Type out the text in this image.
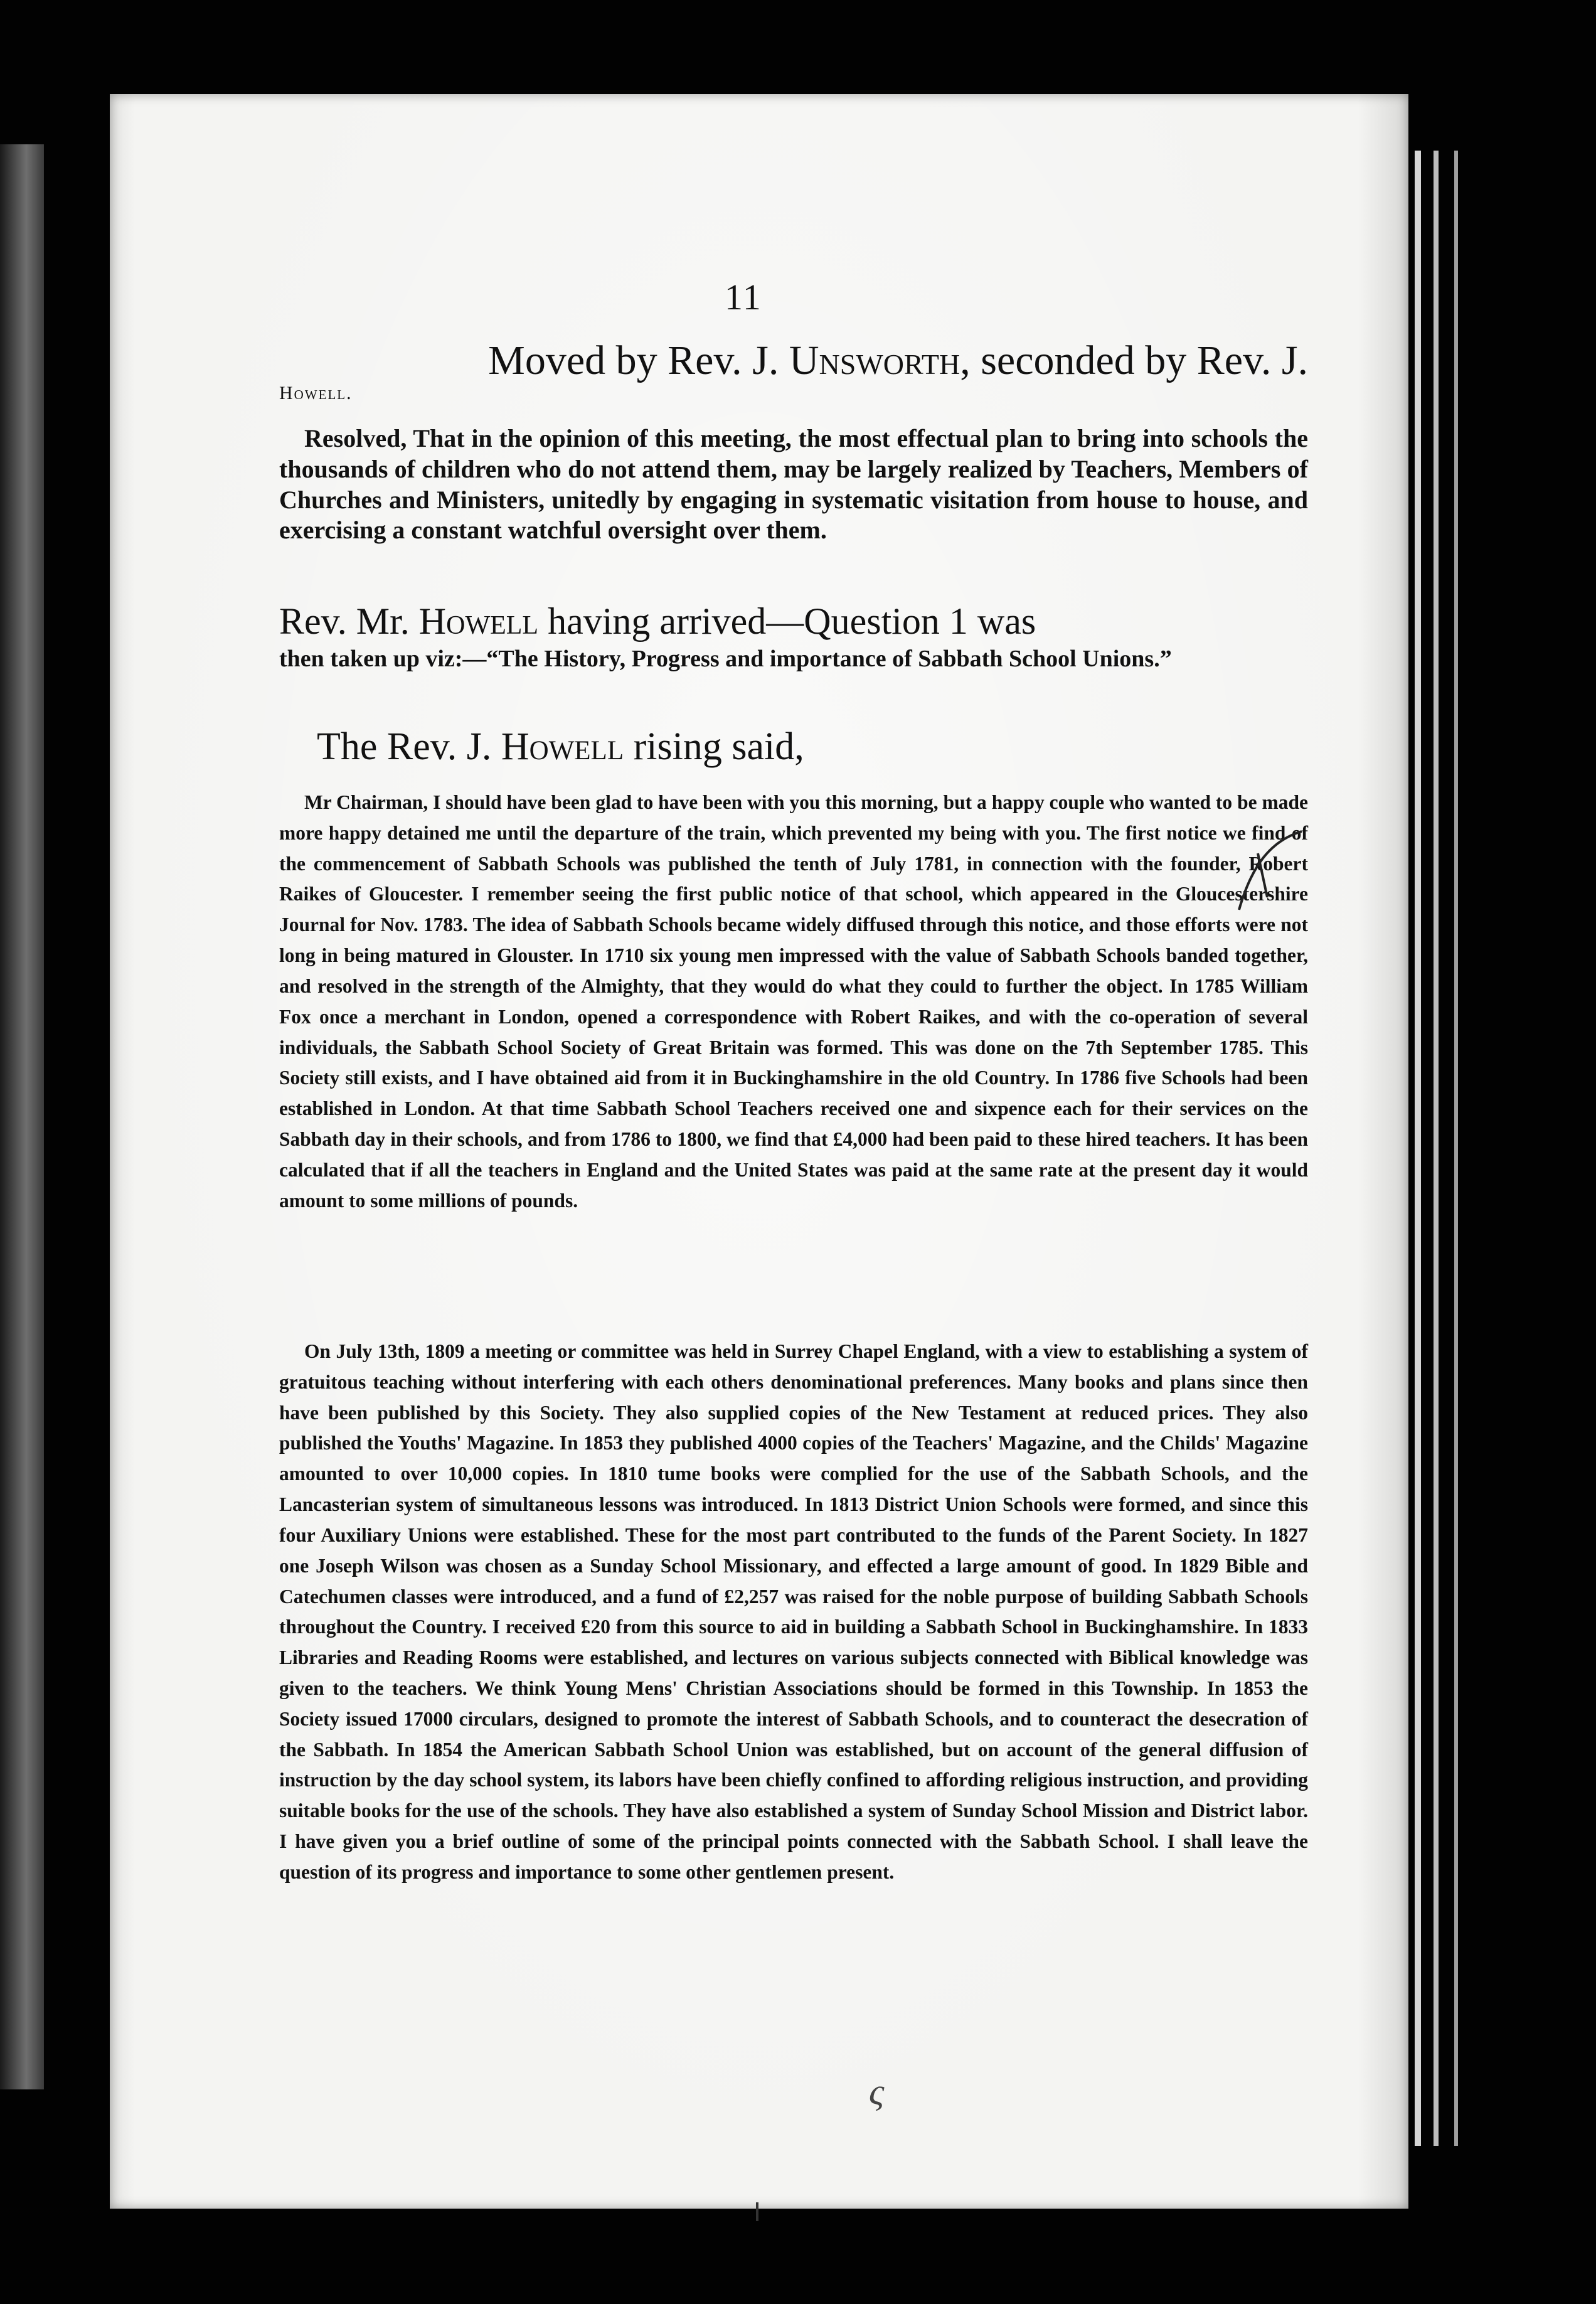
11
Moved by Rev. J. Unsworth, seconded by Rev. J.
Howell.
Resolved, That in the opinion of this meeting, the most effectual plan to bring into schools the thousands of children who do not attend them, may be largely realized by Teachers, Members of Churches and Ministers, unitedly by engaging in systematic visitation from house to house, and exercising a constant watchful oversight over them.
Rev. Mr. Howell having arrived—Question 1 was
then taken up viz:—“The History, Progress and importance of Sabbath School Unions.”
The Rev. J. Howell rising said,
Mr Chairman, I should have been glad to have been with you this morning, but a happy couple who wanted to be made more happy detained me until the departure of the train, which prevented my being with you. The first notice we find of the commencement of Sabbath Schools was published the tenth of July 1781, in connection with the founder, Robert Raikes of Gloucester. I remember seeing the first public notice of that school, which appeared in the Gloucestershire Journal for Nov. 1783. The idea of Sabbath Schools became widely diffused through this notice, and those efforts were not long in being matured in Glouster. In 1710 six young men impressed with the value of Sabbath Schools banded together, and resolved in the strength of the Almighty, that they would do what they could to further the object. In 1785 William Fox once a merchant in London, opened a correspondence with Robert Raikes, and with the co-operation of several individuals, the Sabbath School Society of Great Britain was formed. This was done on the 7th September 1785. This Society still exists, and I have obtained aid from it in Buckinghamshire in the old Country. In 1786 five Schools had been established in London. At that time Sabbath School Teachers received one and sixpence each for their services on the Sabbath day in their schools, and from 1786 to 1800, we find that £4,000 had been paid to these hired teachers. It has been calculated that if all the teachers in England and the United States was paid at the same rate at the present day it would amount to some millions of pounds.
On July 13th, 1809 a meeting or committee was held in Surrey Chapel England, with a view to establishing a system of gratuitous teaching without interfering with each others denominational preferences. Many books and plans since then have been published by this Society. They also supplied copies of the New Testament at reduced prices. They also published the Youths' Magazine. In 1853 they published 4000 copies of the Teachers' Magazine, and the Childs' Magazine amounted to over 10,000 copies. In 1810 tume books were complied for the use of the Sabbath Schools, and the Lancasterian system of simultaneous lessons was introduced. In 1813 District Union Schools were formed, and since this four Auxiliary Unions were established. These for the most part contributed to the funds of the Parent Society. In 1827 one Joseph Wilson was chosen as a Sunday School Missionary, and effected a large amount of good. In 1829 Bible and Catechumen classes were introduced, and a fund of £2,257 was raised for the noble purpose of building Sabbath Schools throughout the Country. I received £20 from this source to aid in building a Sabbath School in Buckinghamshire. In 1833 Libraries and Reading Rooms were established, and lectures on various subjects connected with Biblical knowledge was given to the teachers. We think Young Mens' Christian Associations should be formed in this Township. In 1853 the Society issued 17000 circulars, designed to promote the interest of Sabbath Schools, and to counteract the desecration of the Sabbath. In 1854 the American Sabbath School Union was established, but on account of the general diffusion of instruction by the day school system, its labors have been chiefly confined to affording religious instruction, and providing suitable books for the use of the schools. They have also established a system of Sunday School Mission and District labor. I have given you a brief outline of some of the principal points connected with the Sabbath School. I shall leave the question of its progress and importance to some other gentlemen present.
ς
